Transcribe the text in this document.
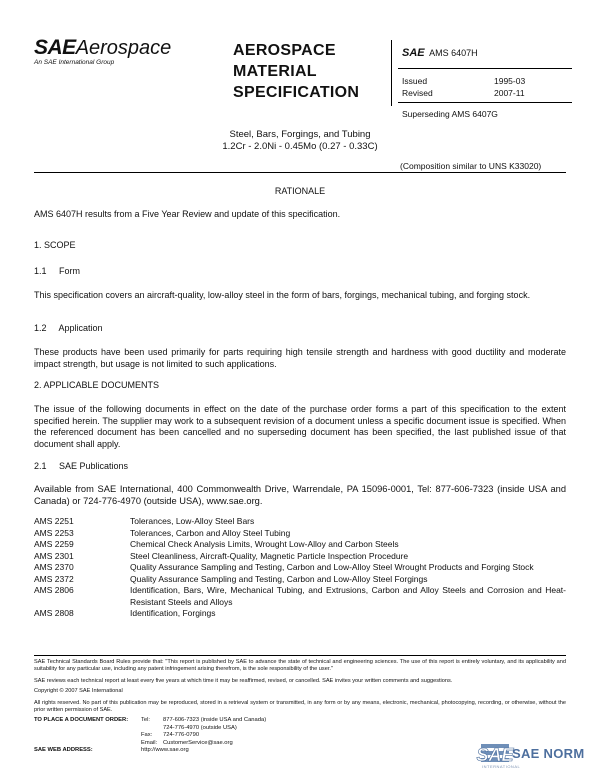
SAEAerospace
An SAE International Group
AEROSPACE
MATERIAL
SPECIFICATION
SAE AMS 6407H
Issued	1995-03
Revised	2007-11
Superseding AMS 6407G
Steel, Bars, Forgings, and Tubing
1.2Cr - 2.0Ni - 0.45Mo (0.27 - 0.33C)
(Composition similar to UNS K33020)
RATIONALE
AMS 6407H results from a Five Year Review and update of this specification.
1. SCOPE
1.1     Form
This specification covers an aircraft-quality, low-alloy steel in the form of bars, forgings, mechanical tubing, and forging stock.
1.2     Application
These products have been used primarily for parts requiring high tensile strength and hardness with good ductility and moderate impact strength, but usage is not limited to such applications.
2. APPLICABLE DOCUMENTS
The issue of the following documents in effect on the date of the purchase order forms a part of this specification to the extent specified herein. The supplier may work to a subsequent revision of a document unless a specific document issue is specified. When the referenced document has been cancelled and no superseding document has been specified, the last published issue of that document shall apply.
2.1     SAE Publications
Available from SAE International, 400 Commonwealth Drive, Warrendale, PA 15096-0001, Tel: 877-606-7323 (inside USA and Canada) or 724-776-4970 (outside USA), www.sae.org.
AMS 2251	Tolerances, Low-Alloy Steel Bars
AMS 2253	Tolerances, Carbon and Alloy Steel Tubing
AMS 2259	Chemical Check Analysis Limits, Wrought Low-Alloy and Carbon Steels
AMS 2301	Steel Cleanliness, Aircraft-Quality, Magnetic Particle Inspection Procedure
AMS 2370	Quality Assurance Sampling and Testing, Carbon and Low-Alloy Steel Wrought Products and Forging Stock
AMS 2372	Quality Assurance Sampling and Testing, Carbon and Low-Alloy Steel Forgings
AMS 2806	Identification, Bars, Wire, Mechanical Tubing, and Extrusions, Carbon and Alloy Steels and Corrosion and Heat-Resistant Steels and Alloys
AMS 2808	Identification, Forgings
SAE Technical Standards Board Rules provide that: "This report is published by SAE to advance the state of technical and engineering sciences. The use of this report is entirely voluntary, and its applicability and suitability for any particular use, including any patent infringement arising therefrom, is the sole responsibility of the user."
SAE reviews each technical report at least every five years at which time it may be reaffirmed, revised, or cancelled. SAE invites your written comments and suggestions.
Copyright © 2007 SAE International
All rights reserved. No part of this publication may be reproduced, stored in a retrieval system or transmitted, in any form or by any means, electronic, mechanical, photocopying, recording, or otherwise, without the prior written permission of SAE.
TO PLACE A DOCUMENT ORDER:	Tel:	877-606-7323 (inside USA and Canada)
724-776-4970 (outside USA)
Fax:	724-776-0790
Email:	CustomerService@sae.org
SAE WEB ADDRESS:	http://www.sae.org	SAE
SAE NORM
INTERNATIONAL
